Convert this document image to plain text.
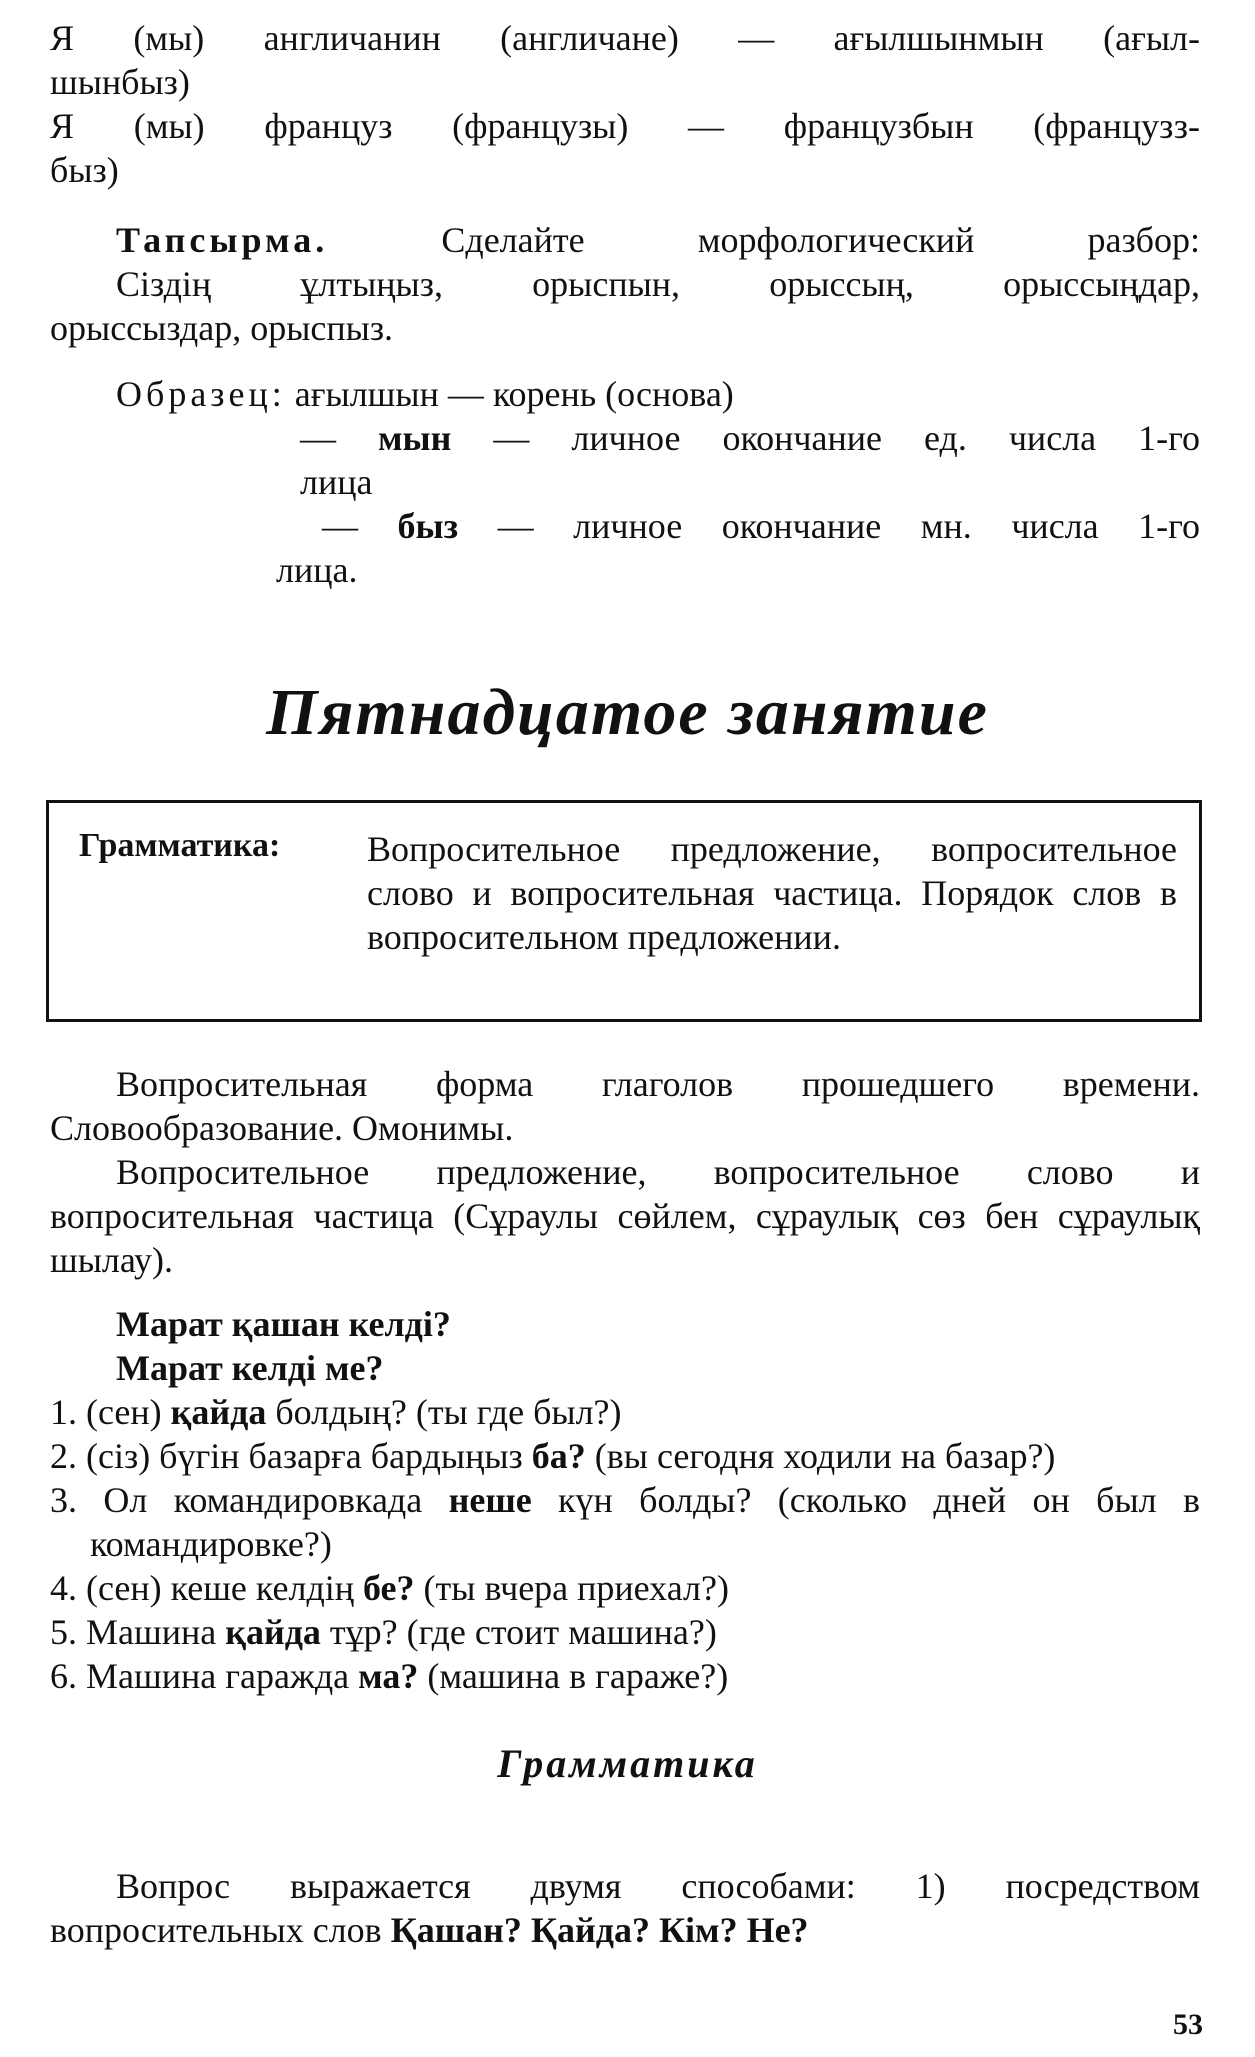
Я (мы) англичанин (англичане) — ағылшынмын (ағыл-

шынбыз)

Я (мы) француз (французы) — французбын (французз-

быз)

Тапсырма. Сделайте морфологический разбор:

Сіздің ұлтыңыз, орыспын, орыссың, орыссыңдар,

орыссыздар, орыспыз.

Образец: ағылшын — корень (основа)

— мын — личное окончание ед. числа 1-го

лица

— быз — личное окончание мн. числа 1-го

лица.

Пятнадцатое занятие
Грамматика: Вопросительное предложение, вопросительное слово и вопросительная частица. Порядок слов в вопросительном предложении.

Вопросительная форма глаголов прошедшего времени. Словообразование. Омонимы.

Вопросительное предложение, вопросительное слово и вопросительная частица (Сұраулы сөйлем, сұраулық сөз бен сұраулық шылау).

Марат қашан келді?

Марат келді ме?

1. (сен) қайда болдың? (ты где был?)
2. (сіз) бүгін базарға бардыңыз ба? (вы сегодня ходили на базар?)
3. Ол командировкада неше күн болды? (сколько дней он был в командировке?)
4. (сен) кеше келдің бе? (ты вчера приехал?)
5. Машина қайда тұр? (где стоит машина?)
6. Машина гаражда ма? (машина в гараже?)
Грамматика

Вопрос выражается двумя способами: 1) посредством вопросительных слов Қашан? Қайда? Кім? Не?

53
